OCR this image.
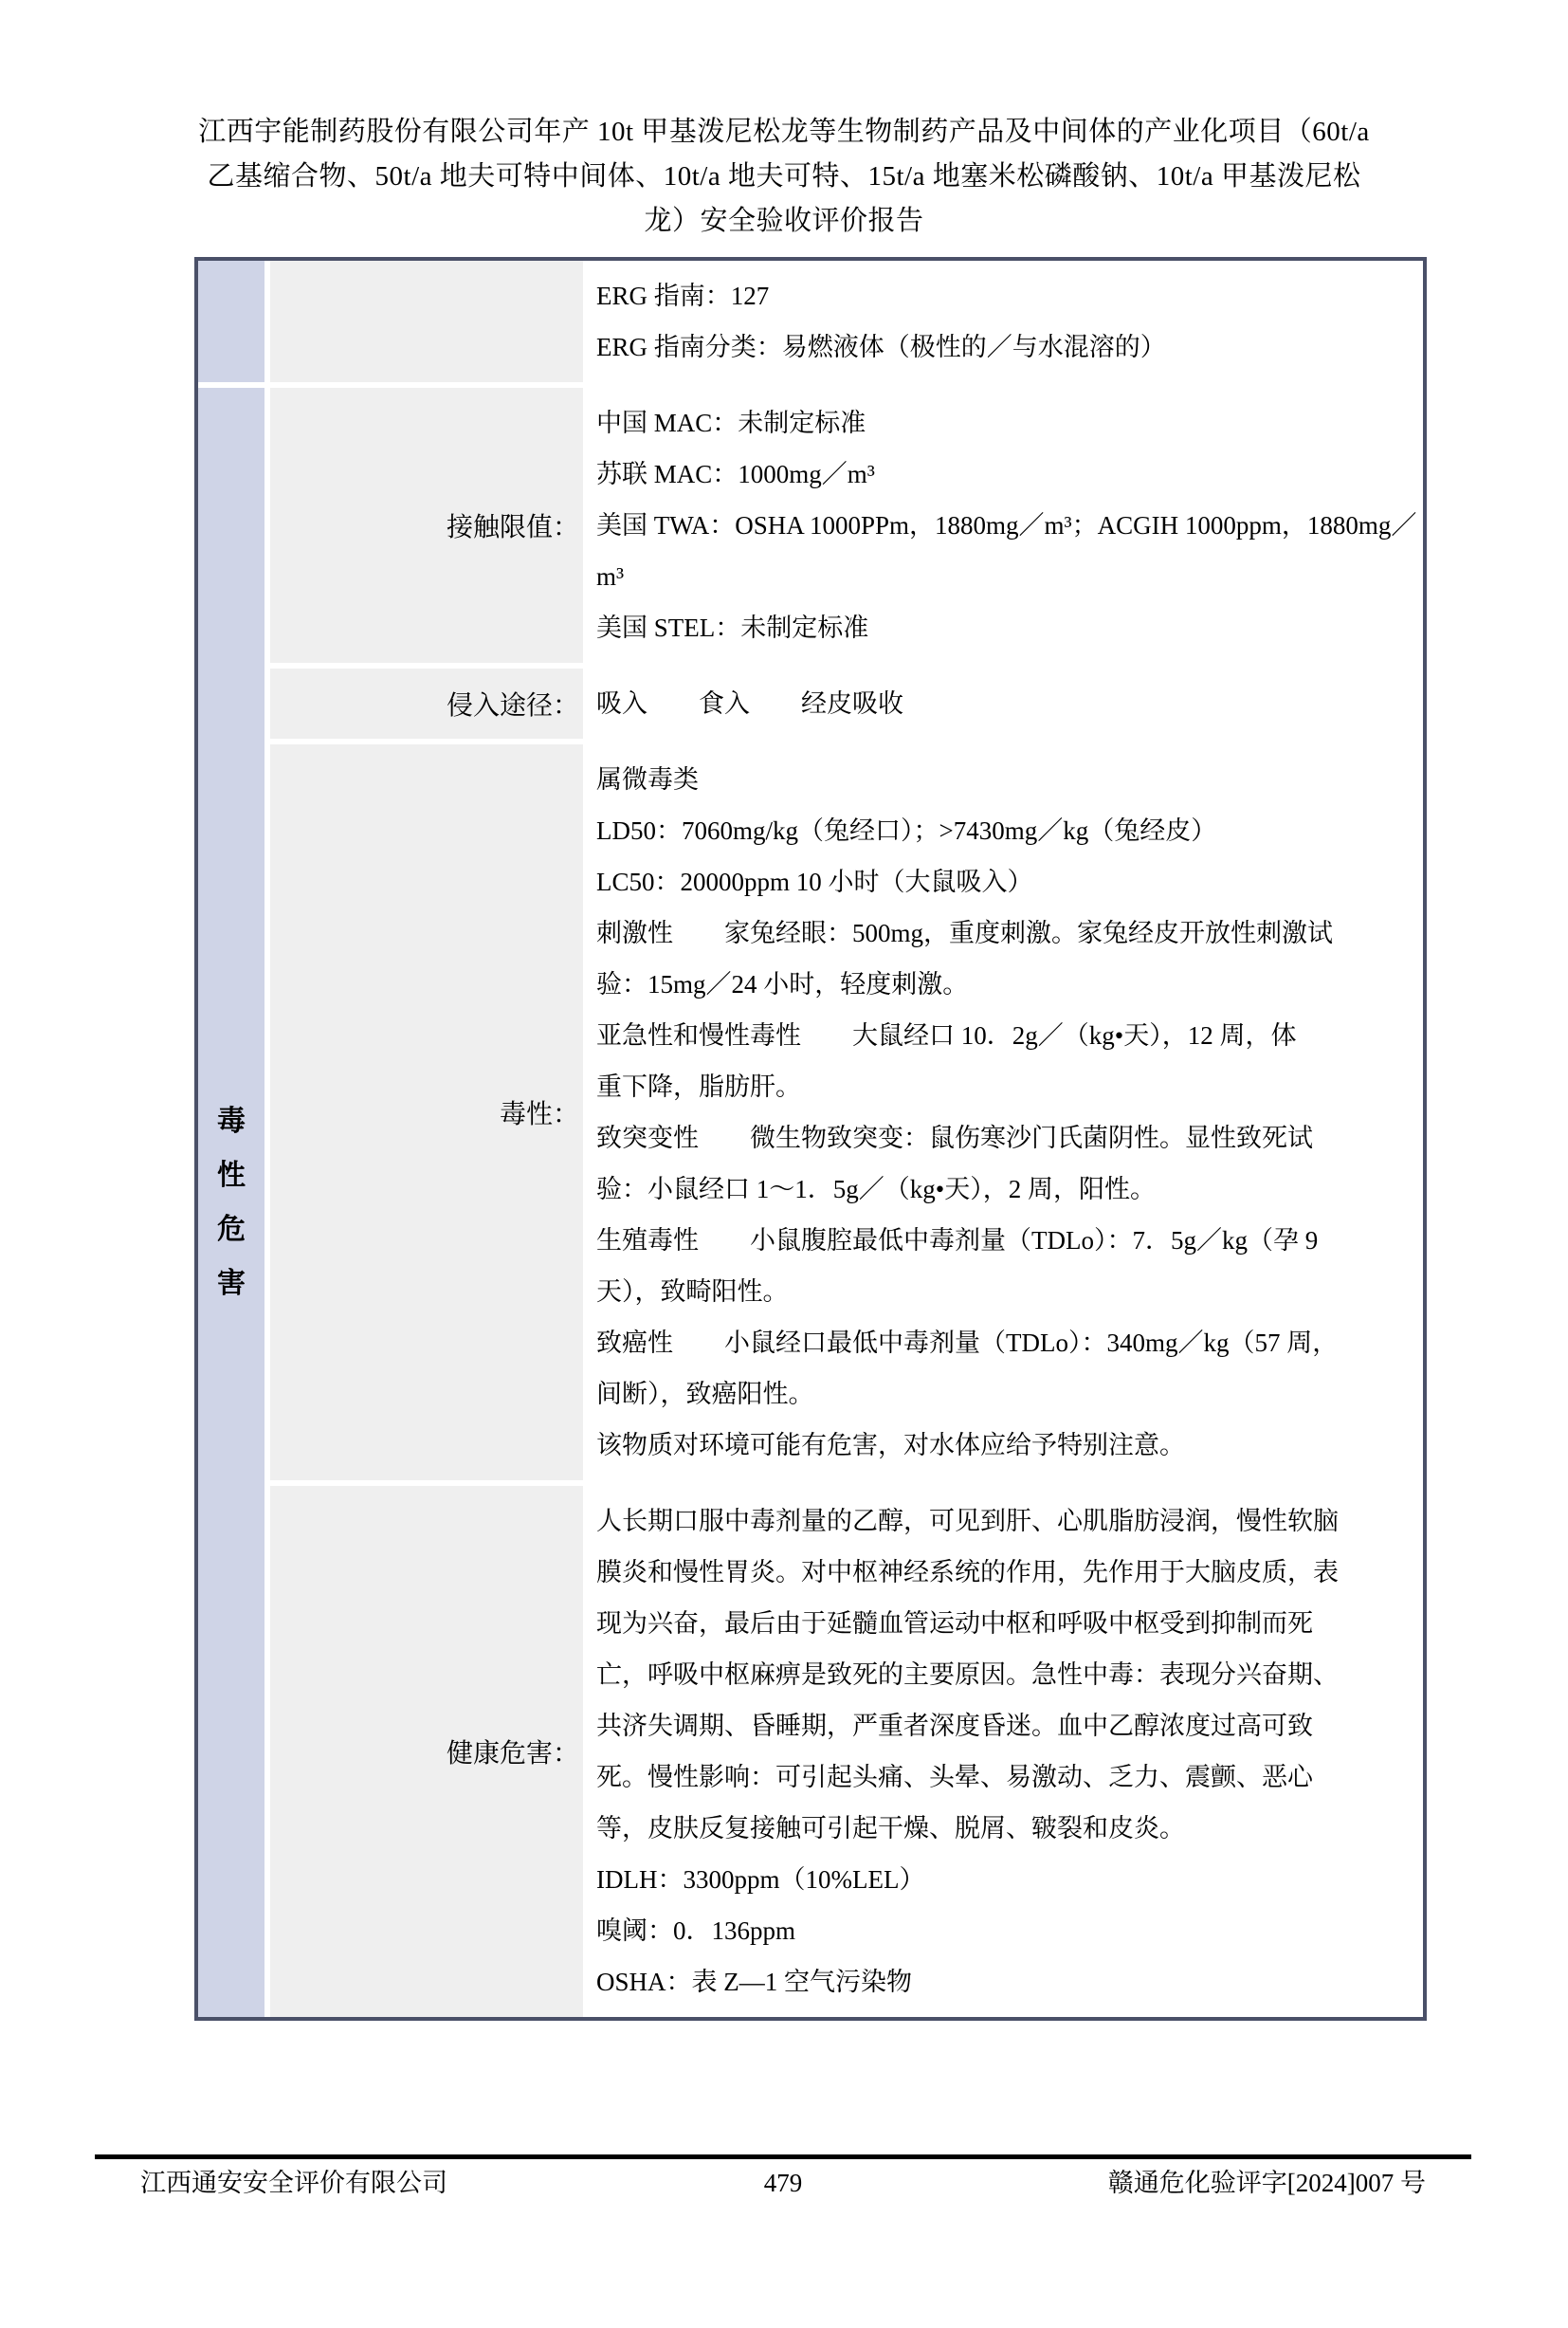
江西宇能制药股份有限公司年产 10t 甲基泼尼松龙等生物制药产品及中间体的产业化项目（60t/a
乙基缩合物、50t/a 地夫可特中间体、10t/a 地夫可特、15t/a 地塞米松磷酸钠、10t/a 甲基泼尼松
龙）安全验收评价报告
毒
性
危
害
ERG 指南：127
ERG 指南分类：易燃液体（极性的／与水混溶的）
接触限值：
中国 MAC：未制定标准
苏联 MAC：1000mg／m³
美国 TWA：OSHA 1000PPm，1880mg／m³；ACGIH 1000ppm，1880mg／
m³
美国 STEL：未制定标准
侵入途径： 吸入　　食入　　经皮吸收
毒性：
属微毒类
LD50：7060mg/kg（兔经口）；>7430mg／kg（兔经皮）
LC50：20000ppm 10 小时（大鼠吸入）
刺激性　　家兔经眼：500mg，重度刺激。家兔经皮开放性刺激试
验：15mg／24 小时，轻度刺激。
亚急性和慢性毒性　　大鼠经口 10．2g／（kg•天），12 周，体
重下降，脂肪肝。
致突变性　　微生物致突变：鼠伤寒沙门氏菌阴性。显性致死试
验：小鼠经口 1～1．5g／（kg•天），2 周，阳性。
生殖毒性　　小鼠腹腔最低中毒剂量（TDLo）：7．5g／kg（孕 9
天），致畸阳性。
致癌性　　小鼠经口最低中毒剂量（TDLo）：340mg／kg（57 周，
间断），致癌阳性。
该物质对环境可能有危害，对水体应给予特别注意。
健康危害：
人长期口服中毒剂量的乙醇，可见到肝、心肌脂肪浸润，慢性软脑
膜炎和慢性胃炎。对中枢神经系统的作用，先作用于大脑皮质，表
现为兴奋，最后由于延髓血管运动中枢和呼吸中枢受到抑制而死
亡，呼吸中枢麻痹是致死的主要原因。急性中毒：表现分兴奋期、
共济失调期、昏睡期，严重者深度昏迷。血中乙醇浓度过高可致
死。慢性影响：可引起头痛、头晕、易激动、乏力、震颤、恶心
等，皮肤反复接触可引起干燥、脱屑、皲裂和皮炎。
IDLH：3300ppm（10%LEL）
嗅阈：0．136ppm
OSHA：表 Z—1 空气污染物
479
江西通安安全评价有限公司	赣通危化验评字[2024]007 号
